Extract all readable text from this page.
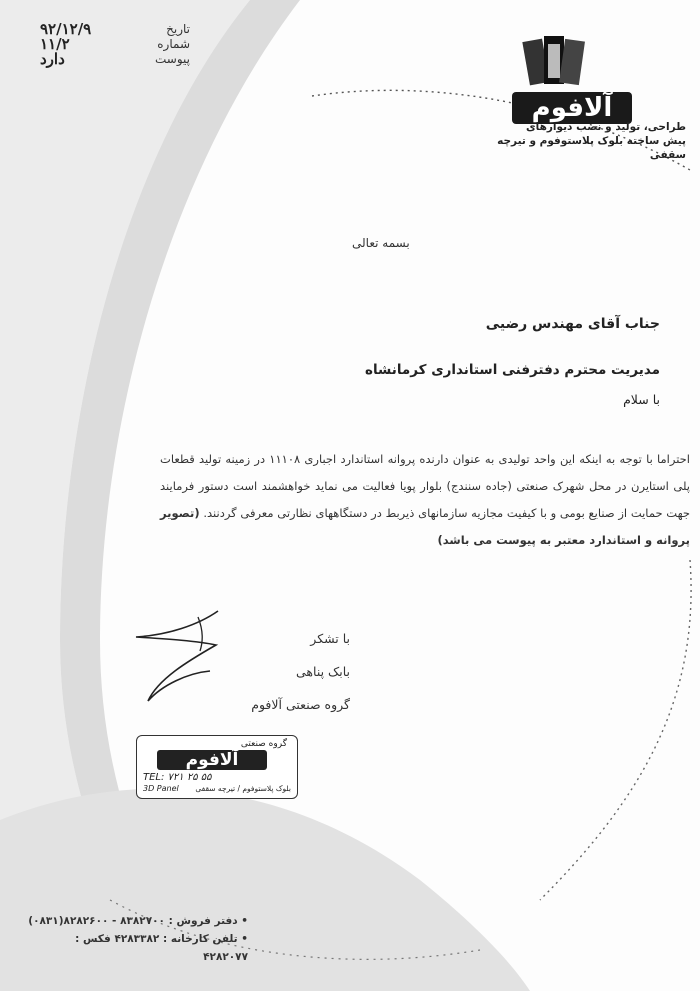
تاریخ
۹۲/۱۲/۹
شماره
۱۱/۲
پیوست
دارد
آلافوم
طراحی، تولید و نصب دیوارهای
پیش ساخته بلوک پلاستوفوم و تیرچه سقفی
بسمه تعالی
جناب آقای مهندس رضیی
مدیریت محترم دفترفنی استانداری کرمانشاه
با سلام
احتراما با توجه به اینکه این واحد تولیدی به عنوان دارنده پروانه استاندارد اجباری ۱۱۱۰۸ در زمینه تولید قطعات پلی استایرن در محل شهرک صنعتی (جاده سنندج) بلوار پویا فعالیت می نماید خواهشمند است دستور فرمایند جهت حمایت از صنایع بومی و با کیفیت مجازیه سازمانهای ذیربط در دستگاههای نظارتی معرفی گردنند. (تصویر پروانه و استاندارد معتبر به پیوست می باشد)
با تشکر
بابک پناهی
گروه صنعتی آلافوم
گروه صنعتی
آلافوم
TEL: ۷۲۱ ۲۵ ۵۵
3D Panel بلوک پلاستوفوم / تیرچه سقفی
• دفتر فروش : ۸۳۸۲۷۰۰ - ۸۲۸۲۶۰۰(۰۸۳۱)
• تلفن کارخانه : ۴۲۸۳۳۸۲ فکس : ۴۲۸۲۰۷۷
